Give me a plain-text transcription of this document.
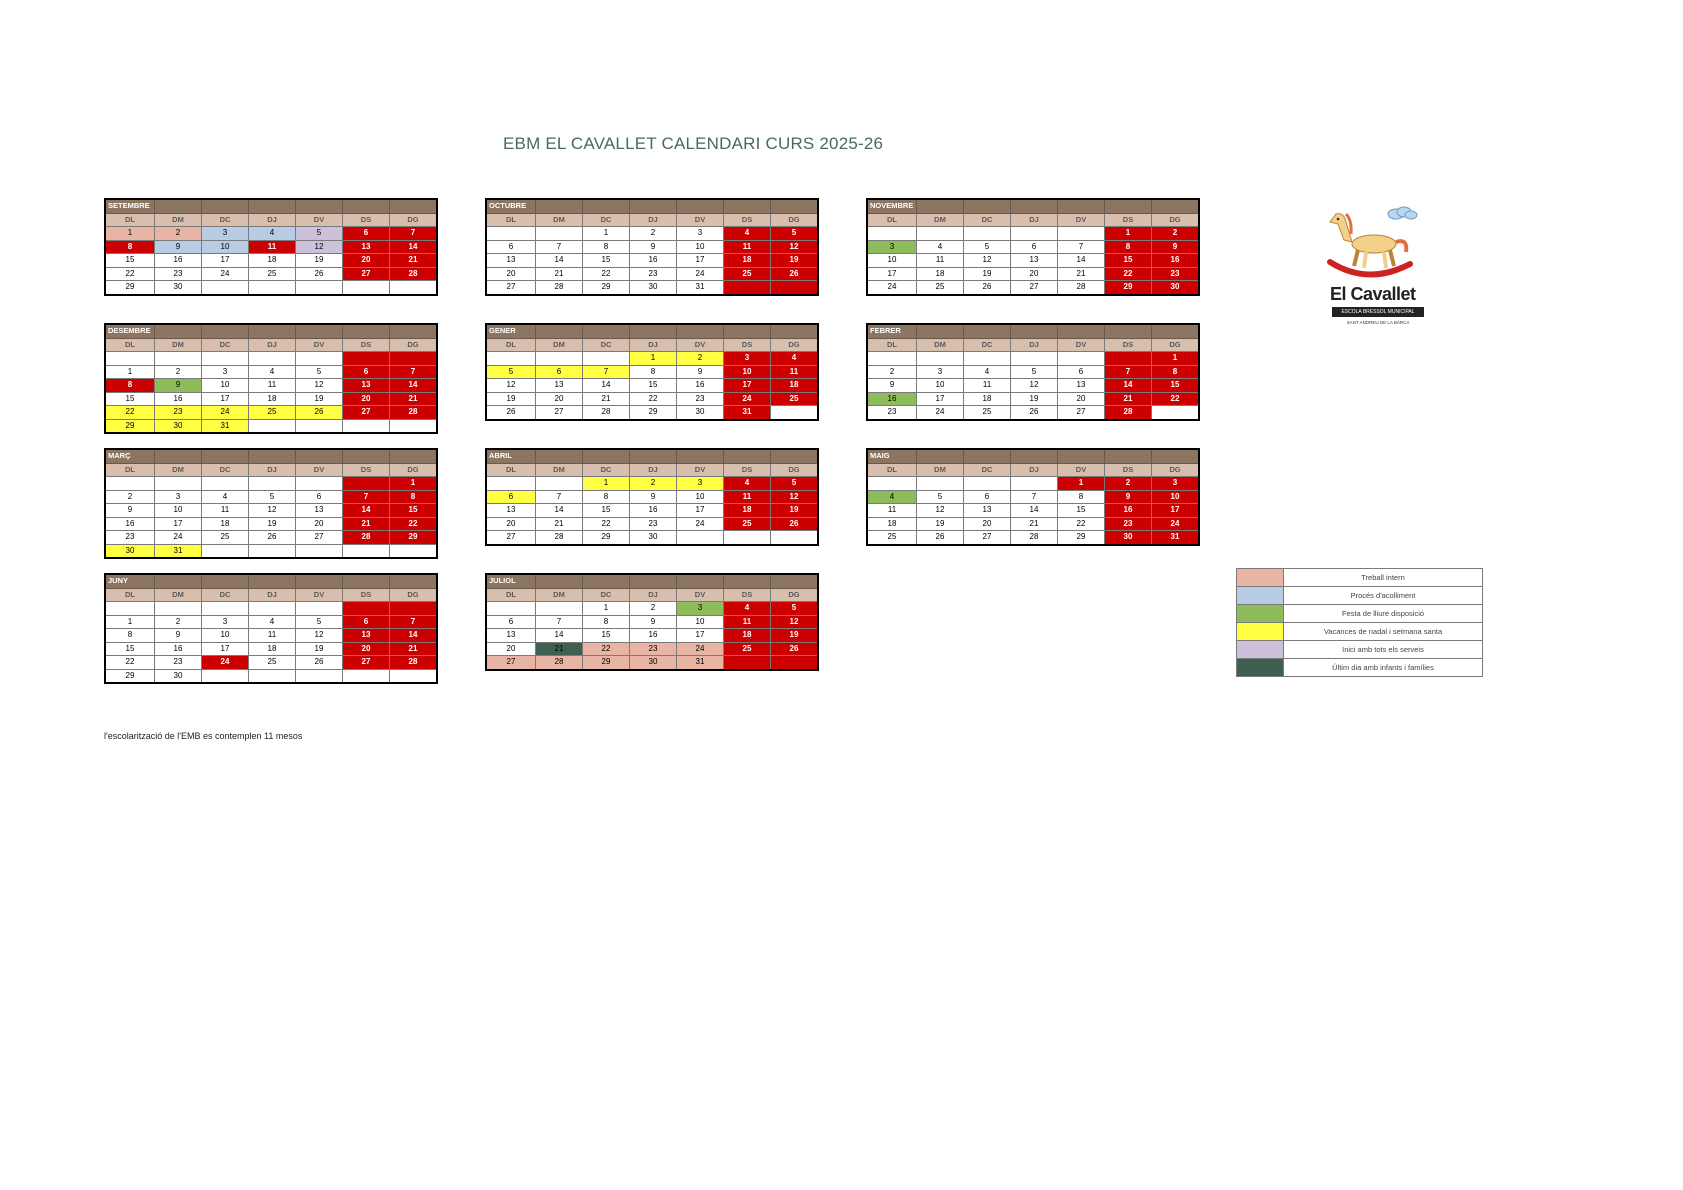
EBM EL CAVALLET CALENDARI CURS 2025-26
SETEMBRE						
DL	DM	DC	DJ	DV	DS	DG
1	2	3	4	5	6	7
8	9	10	11	12	13	14
15	16	17	18	19	20	21
22	23	24	25	26	27	28
29	30					
OCTUBRE						
DL	DM	DC	DJ	DV	DS	DG
		1	2	3	4	5
6	7	8	9	10	11	12
13	14	15	16	17	18	19
20	21	22	23	24	25	26
27	28	29	30	31		
NOVEMBRE						
DL	DM	DC	DJ	DV	DS	DG
					1	2
3	4	5	6	7	8	9
10	11	12	13	14	15	16
17	18	19	20	21	22	23
24	25	26	27	28	29	30
DESEMBRE						
DL	DM	DC	DJ	DV	DS	DG

1	2	3	4	5	6	7
8	9	10	11	12	13	14
15	16	17	18	19	20	21
22	23	24	25	26	27	28
29	30	31				
GENER						
DL	DM	DC	DJ	DV	DS	DG
			1	2	3	4
5	6	7	8	9	10	11
12	13	14	15	16	17	18
19	20	21	22	23	24	25
26	27	28	29	30	31	
FEBRER						
DL	DM	DC	DJ	DV	DS	DG
						1
2	3	4	5	6	7	8
9	10	11	12	13	14	15
16	17	18	19	20	21	22
23	24	25	26	27	28	
MARÇ						
DL	DM	DC	DJ	DV	DS	DG
						1
2	3	4	5	6	7	8
9	10	11	12	13	14	15
16	17	18	19	20	21	22
23	24	25	26	27	28	29
30	31					
ABRIL						
DL	DM	DC	DJ	DV	DS	DG
		1	2	3	4	5
6	7	8	9	10	11	12
13	14	15	16	17	18	19
20	21	22	23	24	25	26
27	28	29	30			
MAIG						
DL	DM	DC	DJ	DV	DS	DG
				1	2	3
4	5	6	7	8	9	10
11	12	13	14	15	16	17
18	19	20	21	22	23	24
25	26	27	28	29	30	31
JUNY						
DL	DM	DC	DJ	DV	DS	DG

1	2	3	4	5	6	7
8	9	10	11	12	13	14
15	16	17	18	19	20	21
22	23	24	25	26	27	28
29	30					
JULIOL						
DL	DM	DC	DJ	DV	DS	DG
		1	2	3	4	5
6	7	8	9	10	11	12
13	14	15	16	17	18	19
20	21	22	23	24	25	26
27	28	29	30	31		
El Cavallet
ESCOLA BRESSOL MUNICIPAL
SANT ANDREU DE LA BARCA
	Treball intern
	Procés d'acolliment
	Festa de lliure disposició
	Vacances de nadal i setmana santa
	Inici amb tots els serveis
	Últim dia amb infants i famílies
l'escolarització de l'EMB es contemplen 11 mesos
